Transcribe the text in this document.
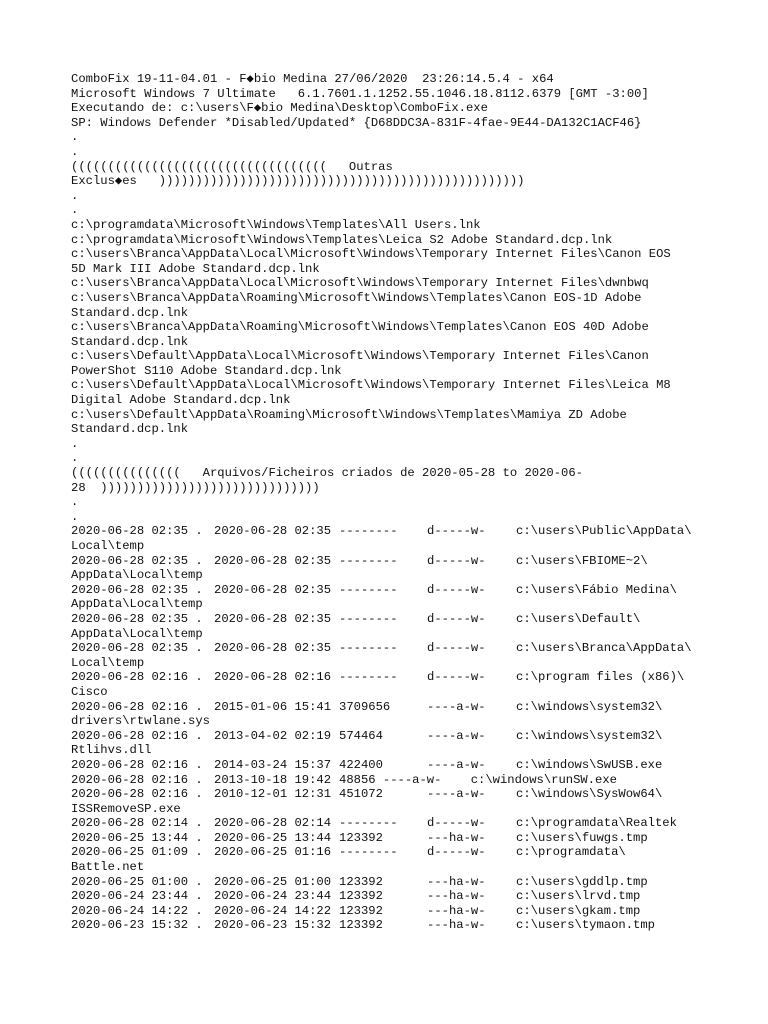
ComboFix 19-11-04.01 - F◆bio Medina 27/06/2020  23:26:14.5.4 - x64
Microsoft Windows 7 Ultimate   6.1.7601.1.1252.55.1046.18.8112.6379 [GMT -3:00]
Executando de: c:\users\F◆bio Medina\Desktop\ComboFix.exe
SP: Windows Defender *Disabled/Updated* {D68DDC3A-831F-4fae-9E44-DA132C1ACF46}
.
.
(((((((((((((((((((((((((((((((((((   Outras
Exclus◆es   ))))))))))))))))))))))))))))))))))))))))))))))))))
.
.
c:\programdata\Microsoft\Windows\Templates\All Users.lnk
c:\programdata\Microsoft\Windows\Templates\Leica S2 Adobe Standard.dcp.lnk
c:\users\Branca\AppData\Local\Microsoft\Windows\Temporary Internet Files\Canon EOS
5D Mark III Adobe Standard.dcp.lnk
c:\users\Branca\AppData\Local\Microsoft\Windows\Temporary Internet Files\dwnbwq
c:\users\Branca\AppData\Roaming\Microsoft\Windows\Templates\Canon EOS-1D Adobe
Standard.dcp.lnk
c:\users\Branca\AppData\Roaming\Microsoft\Windows\Templates\Canon EOS 40D Adobe
Standard.dcp.lnk
c:\users\Default\AppData\Local\Microsoft\Windows\Temporary Internet Files\Canon
PowerShot S110 Adobe Standard.dcp.lnk
c:\users\Default\AppData\Local\Microsoft\Windows\Temporary Internet Files\Leica M8
Digital Adobe Standard.dcp.lnk
c:\users\Default\AppData\Roaming\Microsoft\Windows\Templates\Mamiya ZD Adobe
Standard.dcp.lnk
.
.
(((((((((((((((   Arquivos/Ficheiros criados de 2020-05-28 to 2020-06-
28  ))))))))))))))))))))))))))))))
.
.
2020-06-28 02:35 . 2020-06-28 02:35 -------- d-----w- c:\users\Public\AppData\
Local\temp
2020-06-28 02:35 . 2020-06-28 02:35 -------- d-----w- c:\users\FBIOME~2\
AppData\Local\temp
2020-06-28 02:35 . 2020-06-28 02:35 -------- d-----w- c:\users\Fábio Medina\
AppData\Local\temp
2020-06-28 02:35 . 2020-06-28 02:35 -------- d-----w- c:\users\Default\
AppData\Local\temp
2020-06-28 02:35 . 2020-06-28 02:35 -------- d-----w- c:\users\Branca\AppData\
Local\temp
2020-06-28 02:16 . 2020-06-28 02:16 -------- d-----w- c:\program files (x86)\
Cisco
2020-06-28 02:16 . 2015-01-06 15:41 3709656	----a-w- c:\windows\system32\
drivers\rtwlane.sys
2020-06-28 02:16 . 2013-04-02 02:19 574464	----a-w- c:\windows\system32\
Rtlihvs.dll
2020-06-28 02:16 . 2014-03-24 15:37 422400	----a-w- c:\windows\SwUSB.exe
2020-06-28 02:16 . 2013-10-18 19:42 48856 ----a-w- c:\windows\runSW.exe
2020-06-28 02:16 . 2010-12-01 12:31 451072	----a-w- c:\windows\SysWow64\
ISSRemoveSP.exe
2020-06-28 02:14 . 2020-06-28 02:14 -------- d-----w- c:\programdata\Realtek
2020-06-25 13:44 . 2020-06-25 13:44 123392	---ha-w- c:\users\fuwgs.tmp
2020-06-25 01:09 . 2020-06-25 01:16 -------- d-----w- c:\programdata\
Battle.net
2020-06-25 01:00 . 2020-06-25 01:00 123392	---ha-w- c:\users\gddlp.tmp
2020-06-24 23:44 . 2020-06-24 23:44 123392	---ha-w- c:\users\lrvd.tmp
2020-06-24 14:22 . 2020-06-24 14:22 123392	---ha-w- c:\users\gkam.tmp
2020-06-23 15:32 . 2020-06-23 15:32 123392	---ha-w- c:\users\tymaon.tmp
